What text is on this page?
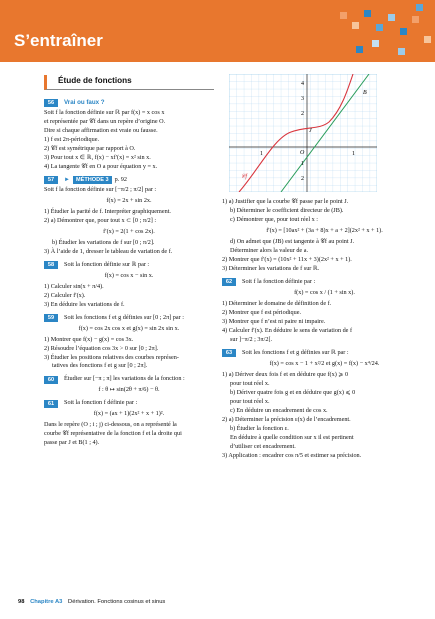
S’entraîner
Étude de fonctions
56	Vrai ou faux ?
Soit f la fonction définie sur ℝ par f(x) = x cos x
et représentée par 𝒞f dans un repère d’origine O.
Dire si chaque affirmation est vraie ou fausse.
1) f est 2π-périodique.
2) 𝒞f est symétrique par rapport à O.
3) Pour tout x ∈ ℝ, f(x) − xf′(x) = x² sin x.
4) La tangente 𝒞f en O a pour équation y = x.
57	►	MÉTHODE 3 p. 92
Soit f la fonction définie sur [−π/2 ; π/2] par :
f(x) = 2x + sin 2x.
1) Étudier la parité de f. Interpréter graphiquement.
2) a) Démontrer que, pour tout x ⊂ [0 ; π/2] :
f′(x) = 2(1 + cos 2x).
b) Étudier les variations de f sur [0 ; π/2].
3) À l’aide de 1, dresser le tableau de variation de f.
58	Soit la fonction définie sur ℝ par :
f(x) = cos x − sin x.
1) Calculer sin(x + π/4).
2) Calculer f′(x).
3) En déduire les variations de f.
59	Soit les fonctions f et g définies sur [0 ; 2π] par :
f(x) = cos 2x cos x et g(x) = sin 2x sin x.
1) Montrer que f(x) − g(x) = cos 3x.
2) Résoudre l’équation cos 3x > 0 sur [0 ; 2π].
3) Étudier les positions relatives des courbes représen-
tatives des fonctions f et g sur [0 ; 2π].
60	Étudier sur [−π ; π] les variations de la fonction :
f : θ ↦ sin(2θ + π/6) − θ.
61	Soit la fonction f définie par :
f(x) = (ax + 1)(2x² + x + 1)².
Dans le repère (O ; i ; j) ci-dessous, on a représenté la
courbe 𝒞f représentative de la fonction f et la droite qui
passe par J et B(1 ; 4).
4
3
2
1
2
1
1	O
J
B
𝒞f
1) a) Justifier que la courbe 𝒞f passe par le point J.
b) Déterminer le coefficient directeur de (JB).
c) Démontrer que, pour tout réel x :
f′(x) = [10ax² + (3a + 8)x + a + 2](2x² + x + 1).
d) On admet que (JB) est tangente à 𝒞f au point J.
Déterminer alors la valeur de a.
2) Montrer que f′(x) = (10x² + 11x + 3)(2x² + x + 1).
3) Déterminer les variations de f sur ℝ.
62	Soit f la fonction définie par :
f(x) = cos x / (1 + sin x).
1) Déterminer le domaine de définition de f.
2) Montrer que f est périodique.
3) Montrer que f n’est ni paire ni impaire.
4) Calculer f′(x). En déduire le sens de variation de f
sur ]−π/2 ; 3π/2[.
63	Soit les fonctions f et g définies sur ℝ par :
f(x) = cos x − 1 + x²/2 et g(x) = f(x) − x⁴/24.
1) a) Dériver deux fois f et en déduire que f(x) ⩾ 0
pour tout réel x.
b) Dériver quatre fois g et en déduire que g(x) ⩽ 0
pour tout réel x.
c) En déduire un encadrement de cos x.
2) a) Déterminer la précision ε(x) de l’encadrement.
b) Étudier la fonction ε.
En déduire à quelle condition sur x il est pertinent
d’utiliser cet encadrement.
3) Application : encadrer cos π/5 et estimer sa précision.
98 Chapitre A3 Dérivation. Fonctions cosinus et sinus
